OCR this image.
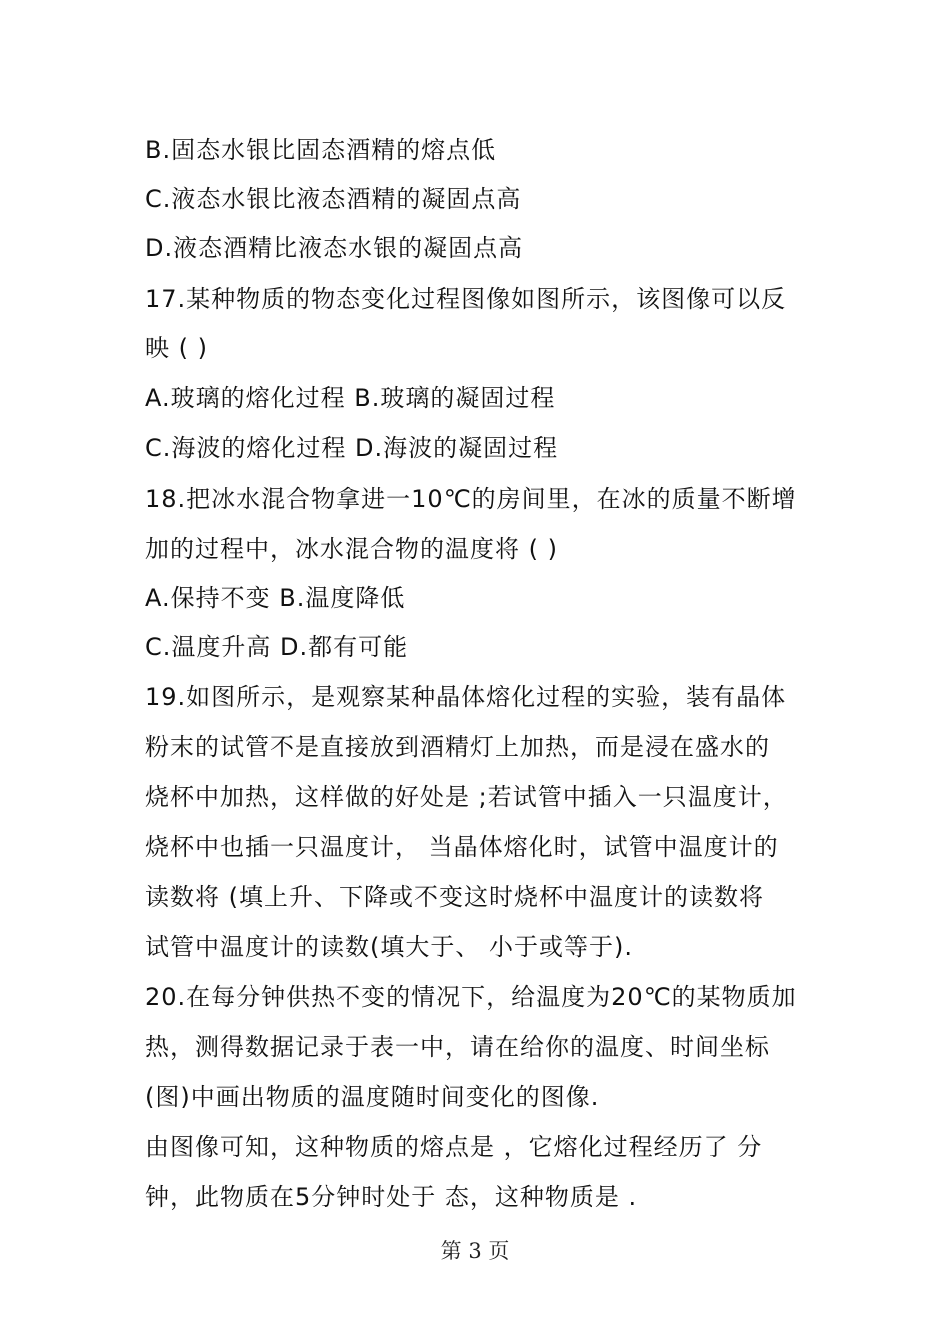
B.固态水银比固态酒精的熔点低
C.液态水银比液态酒精的凝固点高
D.液态酒精比液态水银的凝固点高
17.某种物质的物态变化过程图像如图所示，该图像可以反
映 ( )
A.玻璃的熔化过程 B.玻璃的凝固过程
C.海波的熔化过程 D.海波的凝固过程
18.把冰水混合物拿进一10℃的房间里，在冰的质量不断增
加的过程中，冰水混合物的温度将 ( )
A.保持不变 B.温度降低
C.温度升高 D.都有可能
19.如图所示，是观察某种晶体熔化过程的实验，装有晶体
粉末的试管不是直接放到酒精灯上加热，而是浸在盛水的
烧杯中加热，这样做的好处是 ;若试管中插入一只温度计，
烧杯中也插一只温度计， 当晶体熔化时，试管中温度计的
读数将 (填上升、下降或不变这时烧杯中温度计的读数将
试管中温度计的读数(填大于、 小于或等于).
20.在每分钟供热不变的情况下，给温度为20℃的某物质加
热，测得数据记录于表一中，请在给你的温度、时间坐标
(图)中画出物质的温度随时间变化的图像.
由图像可知，这种物质的熔点是 ，它熔化过程经历了 分
钟，此物质在5分钟时处于 态，这种物质是 .
第 3 页
